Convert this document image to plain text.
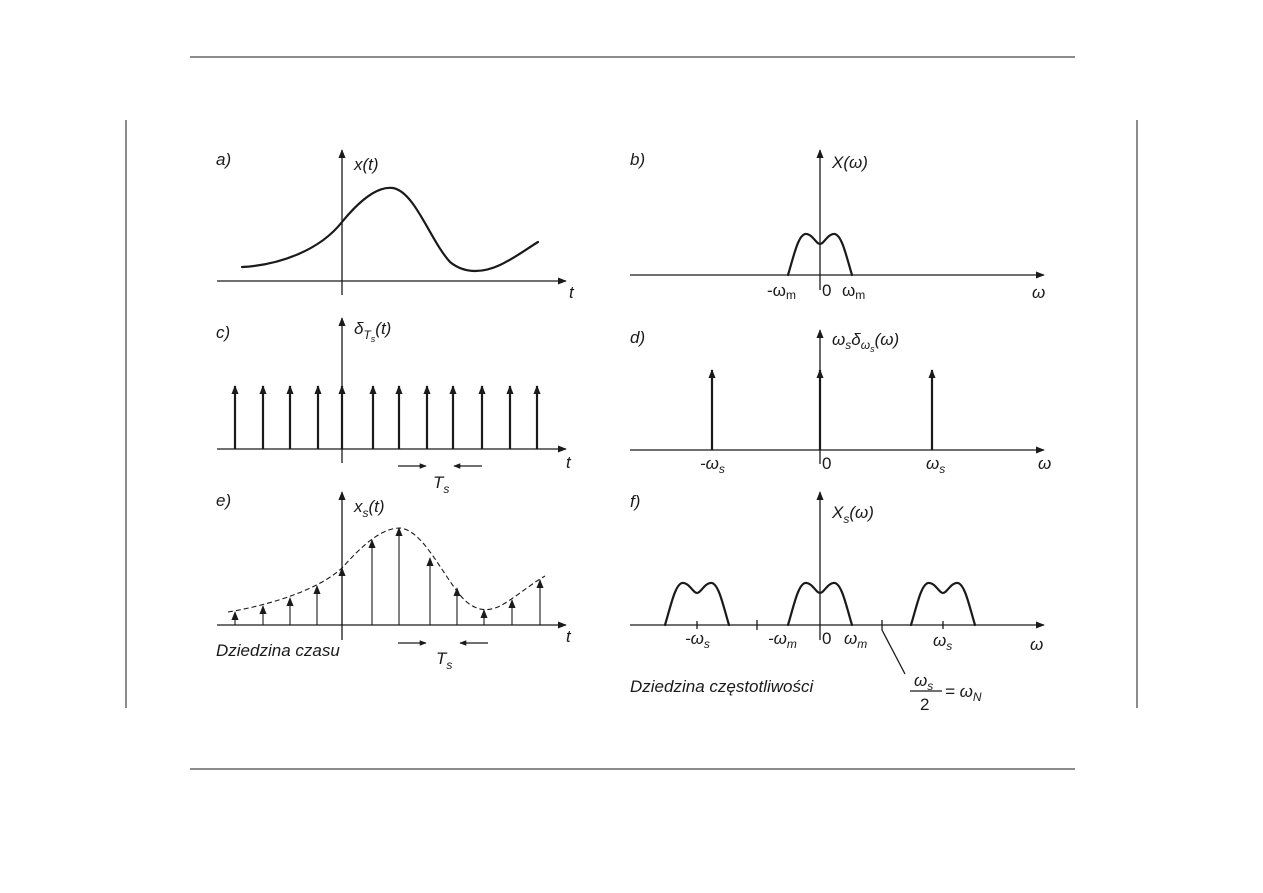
a)	x(t)
t
b)	X(ω)
ω
-ωm 0 ωm
c)	$\delta_Ts(t)$
t
$T_s$
d)	$\omega_s\delta_\omega s(\omega)$
ω
$-\omega_s$	0	$\omega_s$
e)	$x_s(t)$
t
$T_s$
Dziedzina czasu
f)
$X_s(\omega)$
ω
$-\omega_s$	$-\omega_m$ 0 $\omega_m$	$\omega_s$
$\omega_s$
2
= $\omega_N$
Dziedzina częstotliwości
